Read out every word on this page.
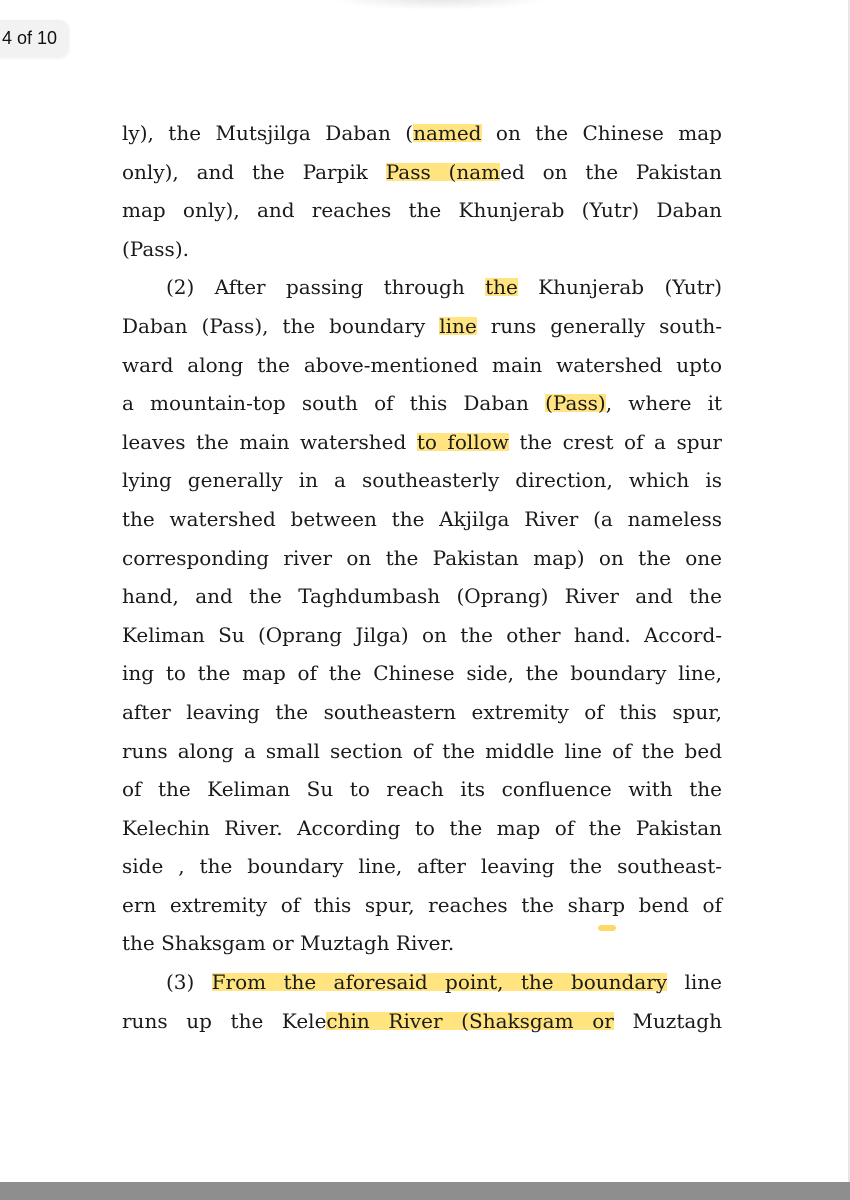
4 of 10
ly), the Mutsjilga Daban (named on the Chinese map
only), and the Parpik Pass (named on the Pakistan
map only), and reaches the Khunjerab (Yutr) Daban
(Pass).
(2) After passing through the Khunjerab (Yutr)
Daban (Pass), the boundary line runs generally south-
ward along the above-mentioned main watershed upto
a mountain-top south of this Daban (Pass), where it
leaves the main watershed to follow the crest of a spur
lying generally in a southeasterly direction, which is
the watershed between the Akjilga River (a nameless
corresponding river on the Pakistan map) on the one
hand, and the Taghdumbash (Oprang) River and the
Keliman Su (Oprang Jilga) on the other hand. Accord-
ing to the map of the Chinese side, the boundary line,
after leaving the southeastern extremity of this spur,
runs along a small section of the middle line of the bed
of the Keliman Su to reach its confluence with the
Kelechin River. According to the map of the Pakistan
side , the boundary line, after leaving the southeast-
ern extremity of this spur, reaches the sharp bend of
the Shaksgam or Muztagh River.
(3) From the aforesaid point, the boundary line
runs up the Kelechin River (Shaksgam or Muztagh
